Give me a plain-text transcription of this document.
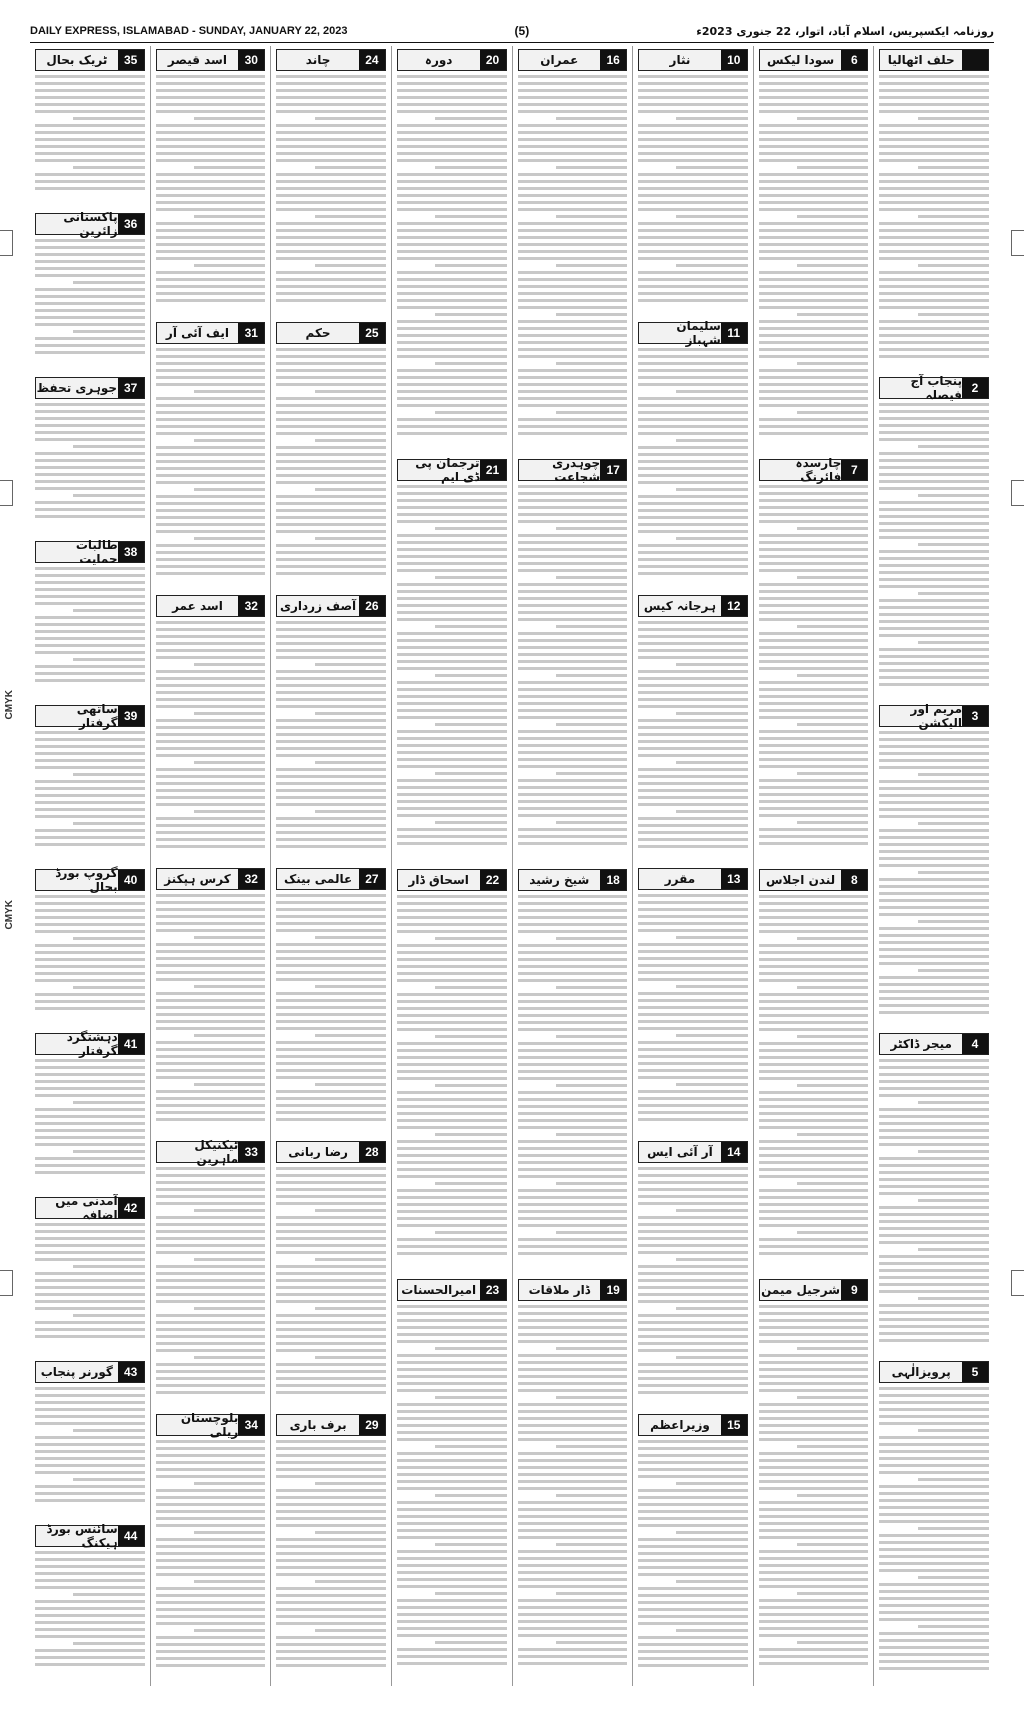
DAILY EXPRESS, ISLAMABAD - SUNDAY, JANUARY 22, 2023	(5)	روزنامہ ایکسپریس، اسلام آباد، اتوار، 22 جنوری 2023ء
CMYK
CMYK
حلف اٹھالیا
2
پنجاب آج فیصلہ
3
مریم اور الیکشن
4
میجر ڈاکٹر
5
پرویزالٰہی
6
سودا لیکس
7
چارسدہ فائرنگ
8
لندن اجلاس
9
شرجیل میمن
10
نثار
11
سلیمان شہباز
12
ہرجانہ کیس
13
مقرر
14
آر آئی ایس
15
وزیراعظم
16
عمران
17
چوہدری شجاعت
18
شیخ رشید
19
ڈار ملاقات
20
دورہ
21
ترجمان پی ڈی ایم
22
اسحاق ڈار
23
امیرالحسنات
24
چاند
25
حکم
26
آصف زرداری
27
عالمی بینک
28
رضا ربانی
29
برف باری
30
اسد قیصر
31
ایف آئی آر
32
اسد عمر
32
کرس ہپکنز
33
ٹیکنیکل ماہرین
34
بلوچستان ریلی
35
ٹریک بحال
36
پاکستانی زائرین
37
جوہری تحفظ
38
طالبات حمایت
39
ساتھی گرفتار
40
گروپ بورڈ بحال
41
دہشتگرد گرفتار
42
آمدنی میں اضافہ
43
گورنر پنجاب
44
سائنس بورڈ ہیکنگ
